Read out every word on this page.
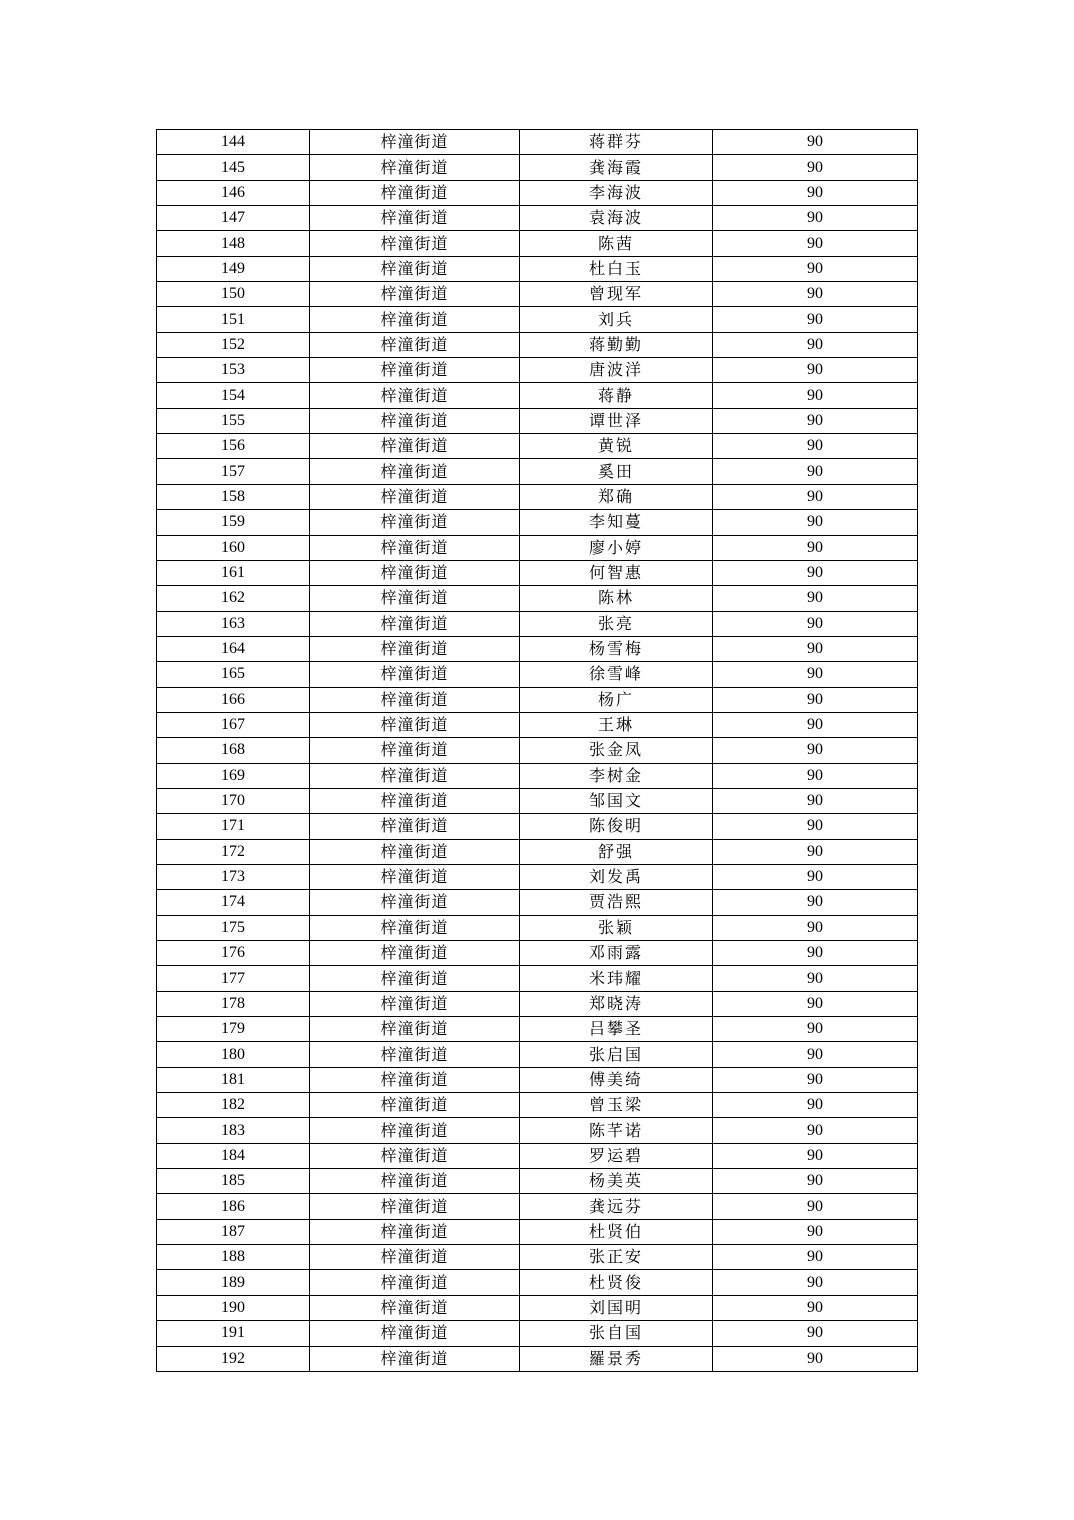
144	梓潼街道	蒋群芬	90
145	梓潼街道	龚海霞	90
146	梓潼街道	李海波	90
147	梓潼街道	袁海波	90
148	梓潼街道	陈茜	90
149	梓潼街道	杜白玉	90
150	梓潼街道	曾现军	90
151	梓潼街道	刘兵	90
152	梓潼街道	蒋勤勤	90
153	梓潼街道	唐波洋	90
154	梓潼街道	蒋静	90
155	梓潼街道	谭世泽	90
156	梓潼街道	黄锐	90
157	梓潼街道	奚田	90
158	梓潼街道	郑确	90
159	梓潼街道	李知蔓	90
160	梓潼街道	廖小婷	90
161	梓潼街道	何智惠	90
162	梓潼街道	陈林	90
163	梓潼街道	张亮	90
164	梓潼街道	杨雪梅	90
165	梓潼街道	徐雪峰	90
166	梓潼街道	杨广	90
167	梓潼街道	王琳	90
168	梓潼街道	张金凤	90
169	梓潼街道	李树金	90
170	梓潼街道	邹国文	90
171	梓潼街道	陈俊明	90
172	梓潼街道	舒强	90
173	梓潼街道	刘发禹	90
174	梓潼街道	贾浩熙	90
175	梓潼街道	张颖	90
176	梓潼街道	邓雨露	90
177	梓潼街道	米玮耀	90
178	梓潼街道	郑晓涛	90
179	梓潼街道	吕攀圣	90
180	梓潼街道	张启国	90
181	梓潼街道	傅美绮	90
182	梓潼街道	曾玉梁	90
183	梓潼街道	陈芊诺	90
184	梓潼街道	罗运碧	90
185	梓潼街道	杨美英	90
186	梓潼街道	龚远芬	90
187	梓潼街道	杜贤伯	90
188	梓潼街道	张正安	90
189	梓潼街道	杜贤俊	90
190	梓潼街道	刘国明	90
191	梓潼街道	张自国	90
192	梓潼街道	羅景秀	90
